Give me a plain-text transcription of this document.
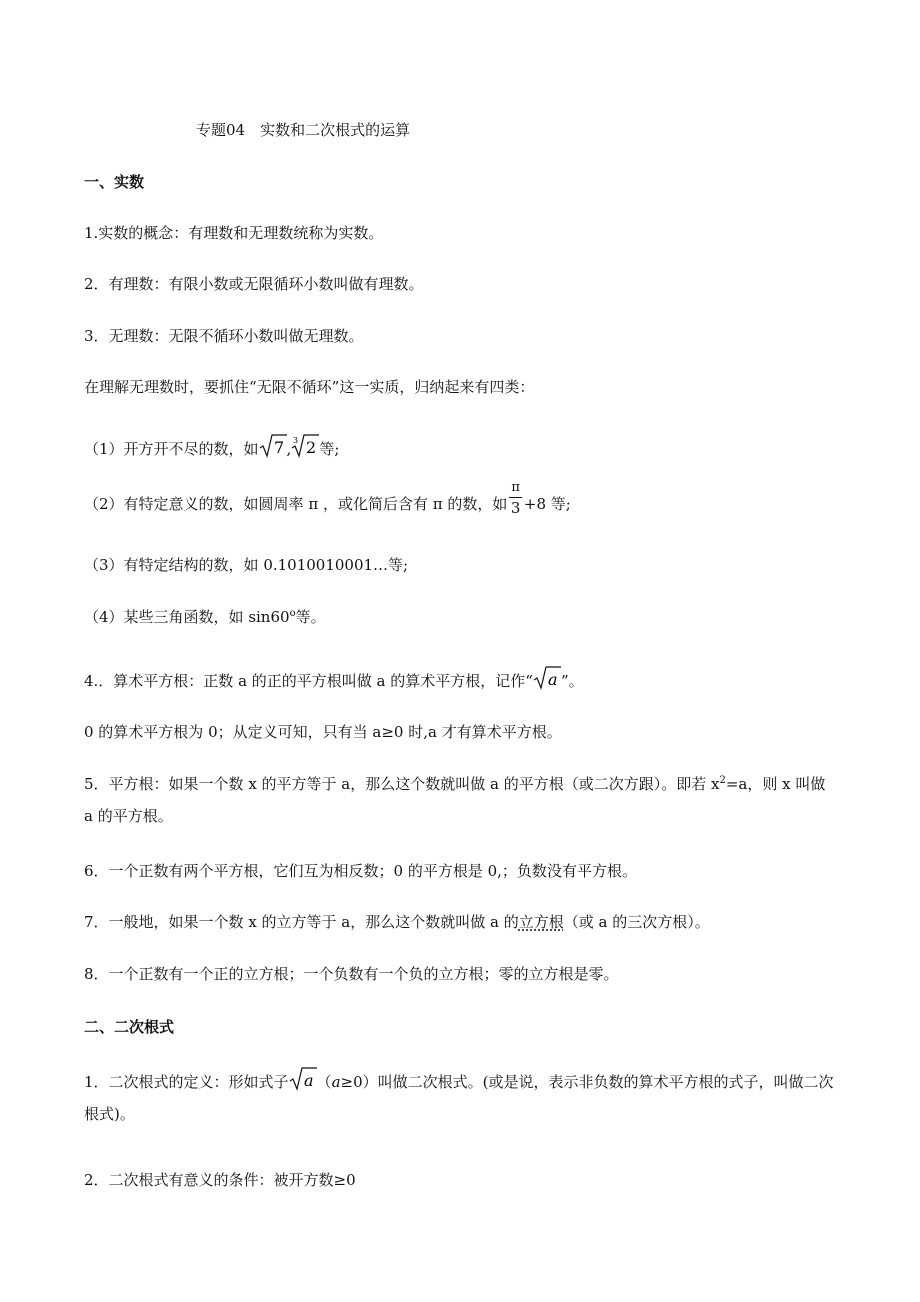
专题04　实数和二次根式的运算
一、实数
1.实数的概念：有理数和无理数统称为实数。
2．有理数：有限小数或无限循环小数叫做有理数。
3．无理数：无限不循环小数叫做无理数。
在理解无理数时，要抓住“无限不循环”这一实质，归纳起来有四类：
（1）开方开不尽的数，如 7 , 3 2 等;
（2）有特定意义的数，如圆周率 π ，或化简后含有 π 的数，如 $\frac{\pi}{3} +8$ 等;
（3）有特定结构的数，如 0.1010010001…等;
（4）某些三角函数，如 sin60$^o$等。
4.．算术平方根：正数 a 的正的平方根叫做 a 的算术平方根，记作“ a ”。
0 的算术平方根为 0；从定义可知，只有当 a≥0 时,a 才有算术平方根。
5．平方根：如果一个数 x 的平方等于 a，那么这个数就叫做 a 的平方根（或二次方跟）。即若 $x^2=a$，则 x 叫做 a 的平方根。
6．一个正数有两个平方根，它们互为相反数；0 的平方根是 0,；负数没有平方根。
7．一般地，如果一个数 x 的立方等于 a，那么这个数就叫做 a 的立方根（或 a 的三次方根）。
8．一个正数有一个正的立方根；一个负数有一个负的立方根；零的立方根是零。
二、二次根式
1．二次根式的定义：形如式子 a （a≥0）叫做二次根式。(或是说，表示非负数的算术平方根的式子，叫做二次根式)。
2．二次根式有意义的条件：被开方数≥0
